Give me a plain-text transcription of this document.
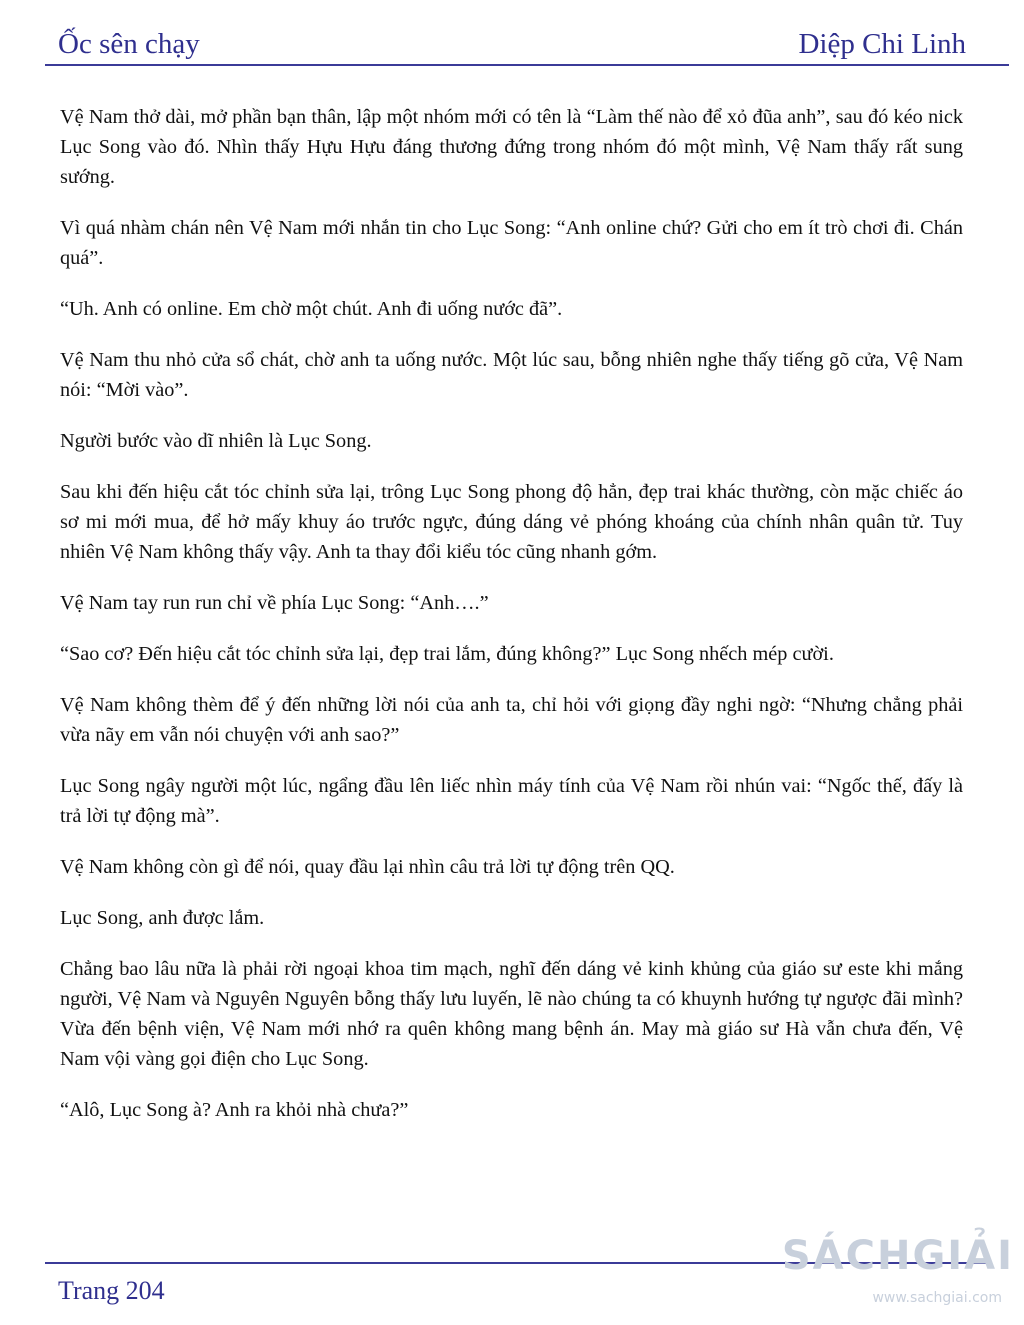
Ốc sên chạy	Diệp Chi Linh

Vệ Nam thở dài, mở phần bạn thân, lập một nhóm mới có tên là “Làm thế nào để xỏ đũa anh”, sau đó kéo nick Lục Song vào đó. Nhìn thấy Hựu Hựu đáng thương đứng trong nhóm đó một mình, Vệ Nam thấy rất sung sướng.

Vì quá nhàm chán nên Vệ Nam mới nhắn tin cho Lục Song: “Anh online chứ? Gửi cho em ít trò chơi đi. Chán quá”.

“Uh. Anh có online. Em chờ một chút. Anh đi uống nước đã”.

Vệ Nam thu nhỏ cửa sổ chát, chờ anh ta uống nước. Một lúc sau, bỗng nhiên nghe thấy tiếng gõ cửa, Vệ Nam nói: “Mời vào”.

Người bước vào dĩ nhiên là Lục Song.

Sau khi đến hiệu cắt tóc chỉnh sửa lại, trông Lục Song phong độ hẳn, đẹp trai khác thường, còn mặc chiếc áo sơ mi mới mua, để hở mấy khuy áo trước ngực, đúng dáng vẻ phóng khoáng của chính nhân quân tử. Tuy nhiên Vệ Nam không thấy vậy. Anh ta thay đổi kiểu tóc cũng nhanh gớm.

Vệ Nam tay run run chỉ về phía Lục Song: “Anh….”

“Sao cơ? Đến hiệu cắt tóc chỉnh sửa lại, đẹp trai lắm, đúng không?” Lục Song nhếch mép cười.

Vệ Nam không thèm để ý đến những lời nói của anh ta, chỉ hỏi với giọng đầy nghi ngờ: “Nhưng chẳng phải vừa nãy em vẫn nói chuyện với anh sao?”

Lục Song ngây người một lúc, ngẩng đầu lên liếc nhìn máy tính của Vệ Nam rồi nhún vai: “Ngốc thế, đấy là trả lời tự động mà”.

Vệ Nam không còn gì để nói, quay đầu lại nhìn câu trả lời tự động trên QQ.

Lục Song, anh được lắm.

Chẳng bao lâu nữa là phải rời ngoại khoa tim mạch, nghĩ đến dáng vẻ kinh khủng của giáo sư este khi mắng người, Vệ Nam và Nguyên Nguyên bỗng thấy lưu luyến, lẽ nào chúng ta có khuynh hướng tự ngược đãi mình? Vừa đến bệnh viện, Vệ Nam mới nhớ ra quên không mang bệnh án. May mà giáo sư Hà vẫn chưa đến, Vệ Nam vội vàng gọi điện cho Lục Song.

“Alô, Lục Song à? Anh ra khỏi nhà chưa?”

Trang 204
SÁCHGIẢI
www.sachgiai.com
